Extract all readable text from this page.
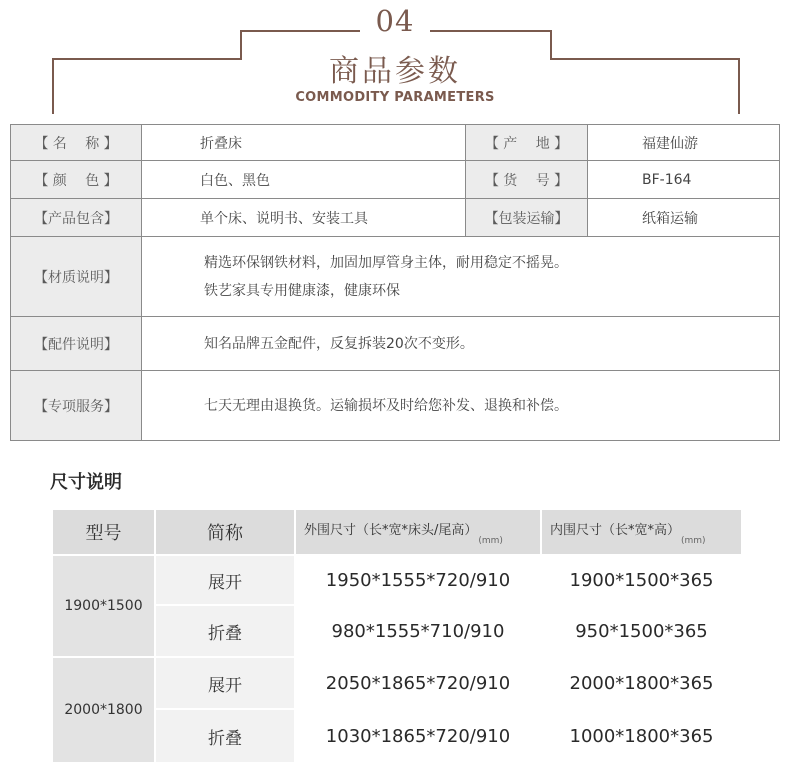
04
商品参数
COMMODITY PARAMETERS
【 名　 称 】	折叠床	【 产　 地 】	福建仙游
【 颜　 色 】	白色、黑色	【 货　 号 】	BF-164
【产品包含】	单个床、说明书、安装工具	【包装运输】	纸箱运输
【材质说明】	精选环保钢铁材料，加固加厚管身主体，耐用稳定不摇晃。
铁艺家具专用健康漆，健康环保		

【配件说明】	知名品牌五金配件，反复拆装20次不变形。		
【专项服务】	七天无理由退换货。运输损坏及时给您补发、退换和补偿。		
尺寸说明
型号	简称	外围尺寸（长*宽*床头/尾高）$_{(mm)}$	内围尺寸（长*宽*高）$_{(mm)}$
1900*1500	展开	1950*1555*720/910	1900*1500*365
	折叠	980*1555*710/910	950*1500*365
2000*1800	展开	2050*1865*720/910	2000*1800*365
	折叠	1030*1865*720/910	1000*1800*365
